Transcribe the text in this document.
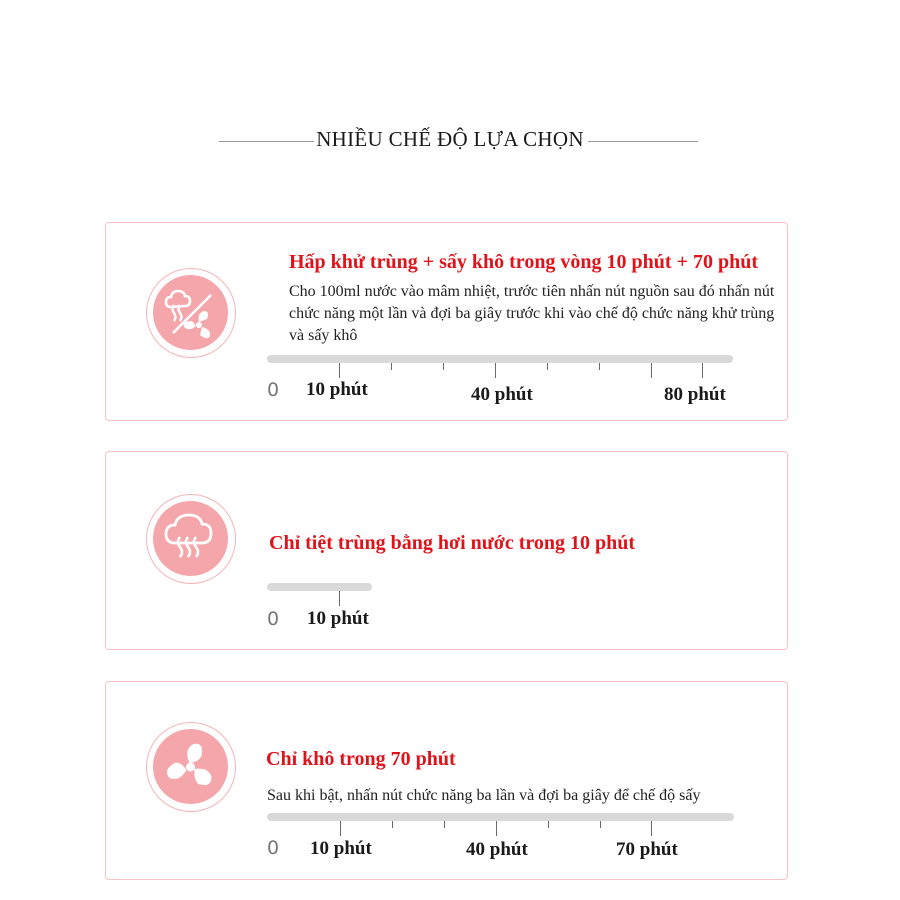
NHIỀU CHẾ ĐỘ LỰA CHỌN
Hấp khử trùng + sấy khô trong vòng 10 phút + 70 phút
Cho 100ml nước vào mâm nhiệt, trước tiên nhấn nút nguồn sau đó nhấn nút chức năng một lần và đợi ba giây trước khi vào chế độ chức năng khử trùng và sấy khô
0 10 phút	40 phút	80 phút
Chỉ tiệt trùng bằng hơi nước trong 10 phút
0 10 phút
Chỉ khô trong 70 phút
Sau khi bật, nhấn nút chức năng ba lần và đợi ba giây để chế độ sấy
0 10 phút	40 phút	70 phút
